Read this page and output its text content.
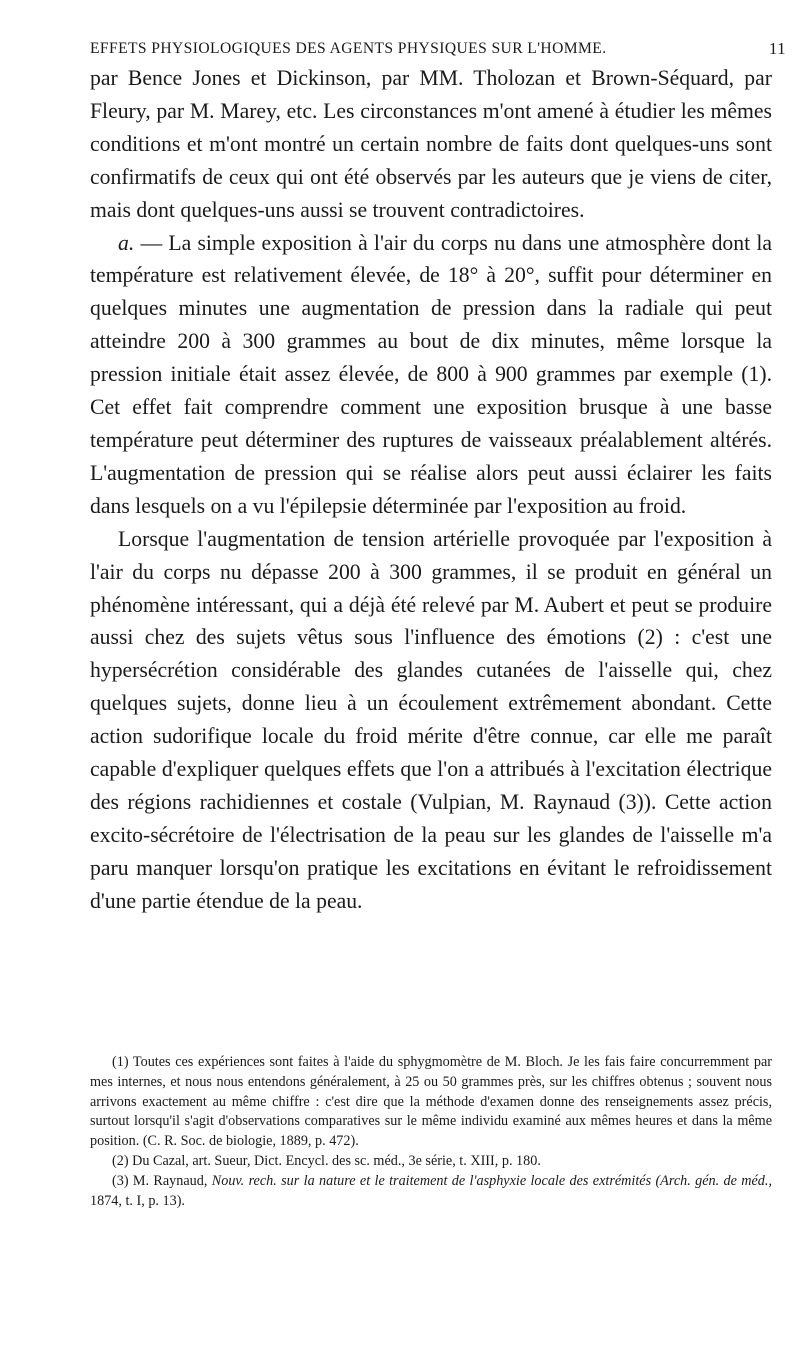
EFFETS PHYSIOLOGIQUES DES AGENTS PHYSIQUES SUR L'HOMME.	11

par Bence Jones et Dickinson, par MM. Tholozan et Brown-Séquard, par Fleury, par M. Marey, etc. Les circonstances m'ont amené à étudier les mêmes conditions et m'ont montré un certain nombre de faits dont quelques-uns sont confirmatifs de ceux qui ont été observés par les auteurs que je viens de citer, mais dont quelques-uns aussi se trouvent contradictoires.

a. — La simple exposition à l'air du corps nu dans une atmosphère dont la température est relativement élevée, de 18° à 20°, suffit pour déterminer en quelques minutes une augmentation de pression dans la radiale qui peut atteindre 200 à 300 grammes au bout de dix minutes, même lorsque la pression initiale était assez élevée, de 800 à 900 grammes par exemple (1). Cet effet fait comprendre comment une exposition brusque à une basse température peut déterminer des ruptures de vaisseaux préalablement altérés. L'augmentation de pression qui se réalise alors peut aussi éclairer les faits dans lesquels on a vu l'épilepsie déterminée par l'exposition au froid.

Lorsque l'augmentation de tension artérielle provoquée par l'exposition à l'air du corps nu dépasse 200 à 300 grammes, il se produit en général un phénomène intéressant, qui a déjà été relevé par M. Aubert et peut se produire aussi chez des sujets vêtus sous l'influence des émotions (2) : c'est une hypersécrétion considérable des glandes cutanées de l'aisselle qui, chez quelques sujets, donne lieu à un écoulement extrêmement abondant. Cette action sudorifique locale du froid mérite d'être connue, car elle me paraît capable d'expliquer quelques effets que l'on a attribués à l'excitation électrique des régions rachidiennes et costale (Vulpian, M. Raynaud (3)). Cette action excito-sécrétoire de l'électrisation de la peau sur les glandes de l'aisselle m'a paru manquer lorsqu'on pratique les excitations en évitant le refroidissement d'une partie étendue de la peau.

(1) Toutes ces expériences sont faites à l'aide du sphygmomètre de M. Bloch. Je les fais faire concurremment par mes internes, et nous nous entendons généralement, à 25 ou 50 grammes près, sur les chiffres obtenus ; souvent nous arrivons exactement au même chiffre : c'est dire que la méthode d'examen donne des renseignements assez précis, surtout lorsqu'il s'agit d'observations comparatives sur le même individu examiné aux mêmes heures et dans la même position. (C. R. Soc. de biologie, 1889, p. 472).

(2) Du Cazal, art. Sueur, Dict. Encycl. des sc. méd., 3e série, t. XIII, p. 180.

(3) M. Raynaud, Nouv. rech. sur la nature et le traitement de l'asphyxie locale des extrémités (Arch. gén. de méd., 1874, t. I, p. 13).
